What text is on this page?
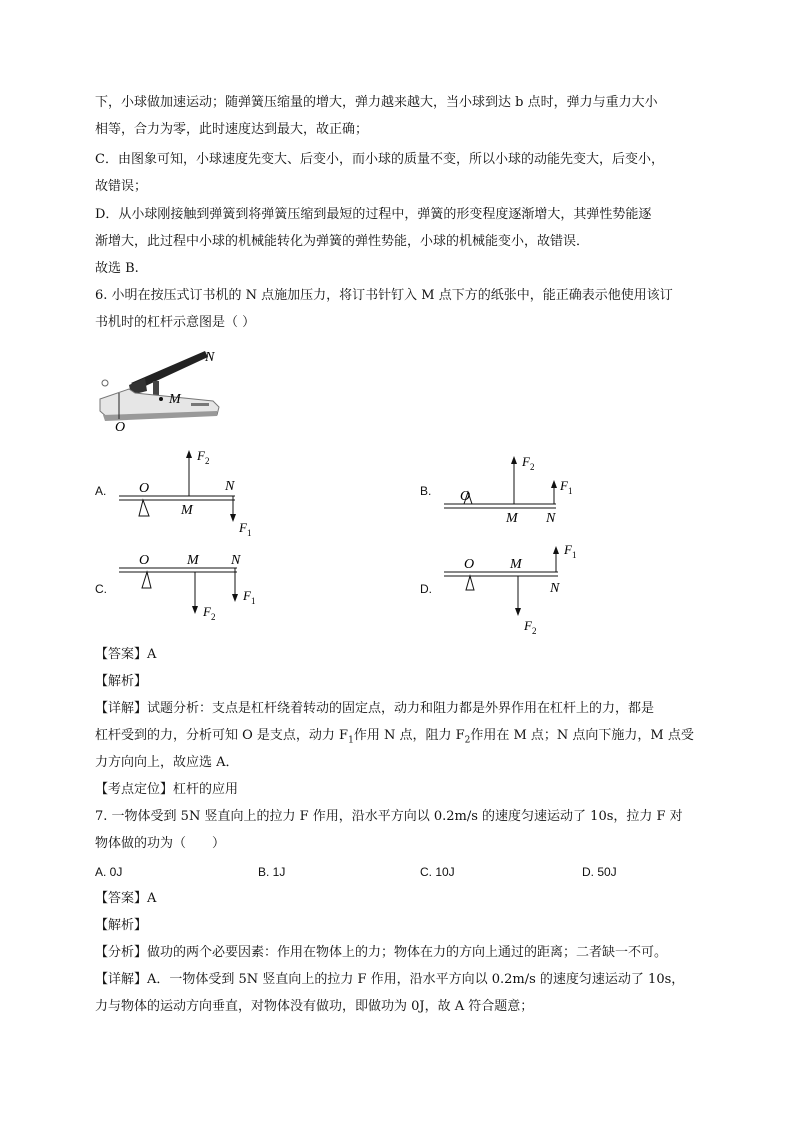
下，小球做加速运动；随弹簧压缩量的增大，弹力越来越大，当小球到达 b 点时，弹力与重力大小
相等，合力为零，此时速度达到最大，故正确；
C．由图象可知，小球速度先变大、后变小，而小球的质量不变，所以小球的动能先变大，后变小，
故错误；
D．从小球刚接触到弹簧到将弹簧压缩到最短的过程中，弹簧的形变程度逐渐增大，其弹性势能逐
渐增大，此过程中小球的机械能转化为弹簧的弹性势能，小球的机械能变小，故错误．
故选 B.
6. 小明在按压式订书机的 N 点施加压力，将订书针钉入 M 点下方的纸张中，能正确表示他使用该订
书机时的杠杆示意图是（ ）
N
M
O
A. O
M
N
$F_2$
$F_1$
B. O
M N
$F_2$
$F_1$
C.
O	M N
$F_2$
$F_1$
D.
O	M
N
$F_2$
$F_1$
【答案】A
【解析】
【详解】试题分析：支点是杠杆绕着转动的固定点，动力和阻力都是外界作用在杠杆上的力，都是
杠杆受到的力，分析可知 O 是支点，动力 $F_1$作用 N 点，阻力 $F_2$作用在 M 点；N 点向下施力，M 点受
力方向向上，故应选 A．
【考点定位】杠杆的应用
7. 一物体受到 5N 竖直向上的拉力 F 作用，沿水平方向以 0.2m/s 的速度匀速运动了 10s，拉力 F 对
物体做的功为（　　）
A. 0J	B. 1J	C. 10J	D. 50J
【答案】A
【解析】
【分析】做功的两个必要因素：作用在物体上的力；物体在力的方向上通过的距离；二者缺一不可。
【详解】A．一物体受到 5N 竖直向上的拉力 F 作用，沿水平方向以 0.2m/s 的速度匀速运动了 10s，
力与物体的运动方向垂直，对物体没有做功，即做功为 0J，故 A 符合题意；
